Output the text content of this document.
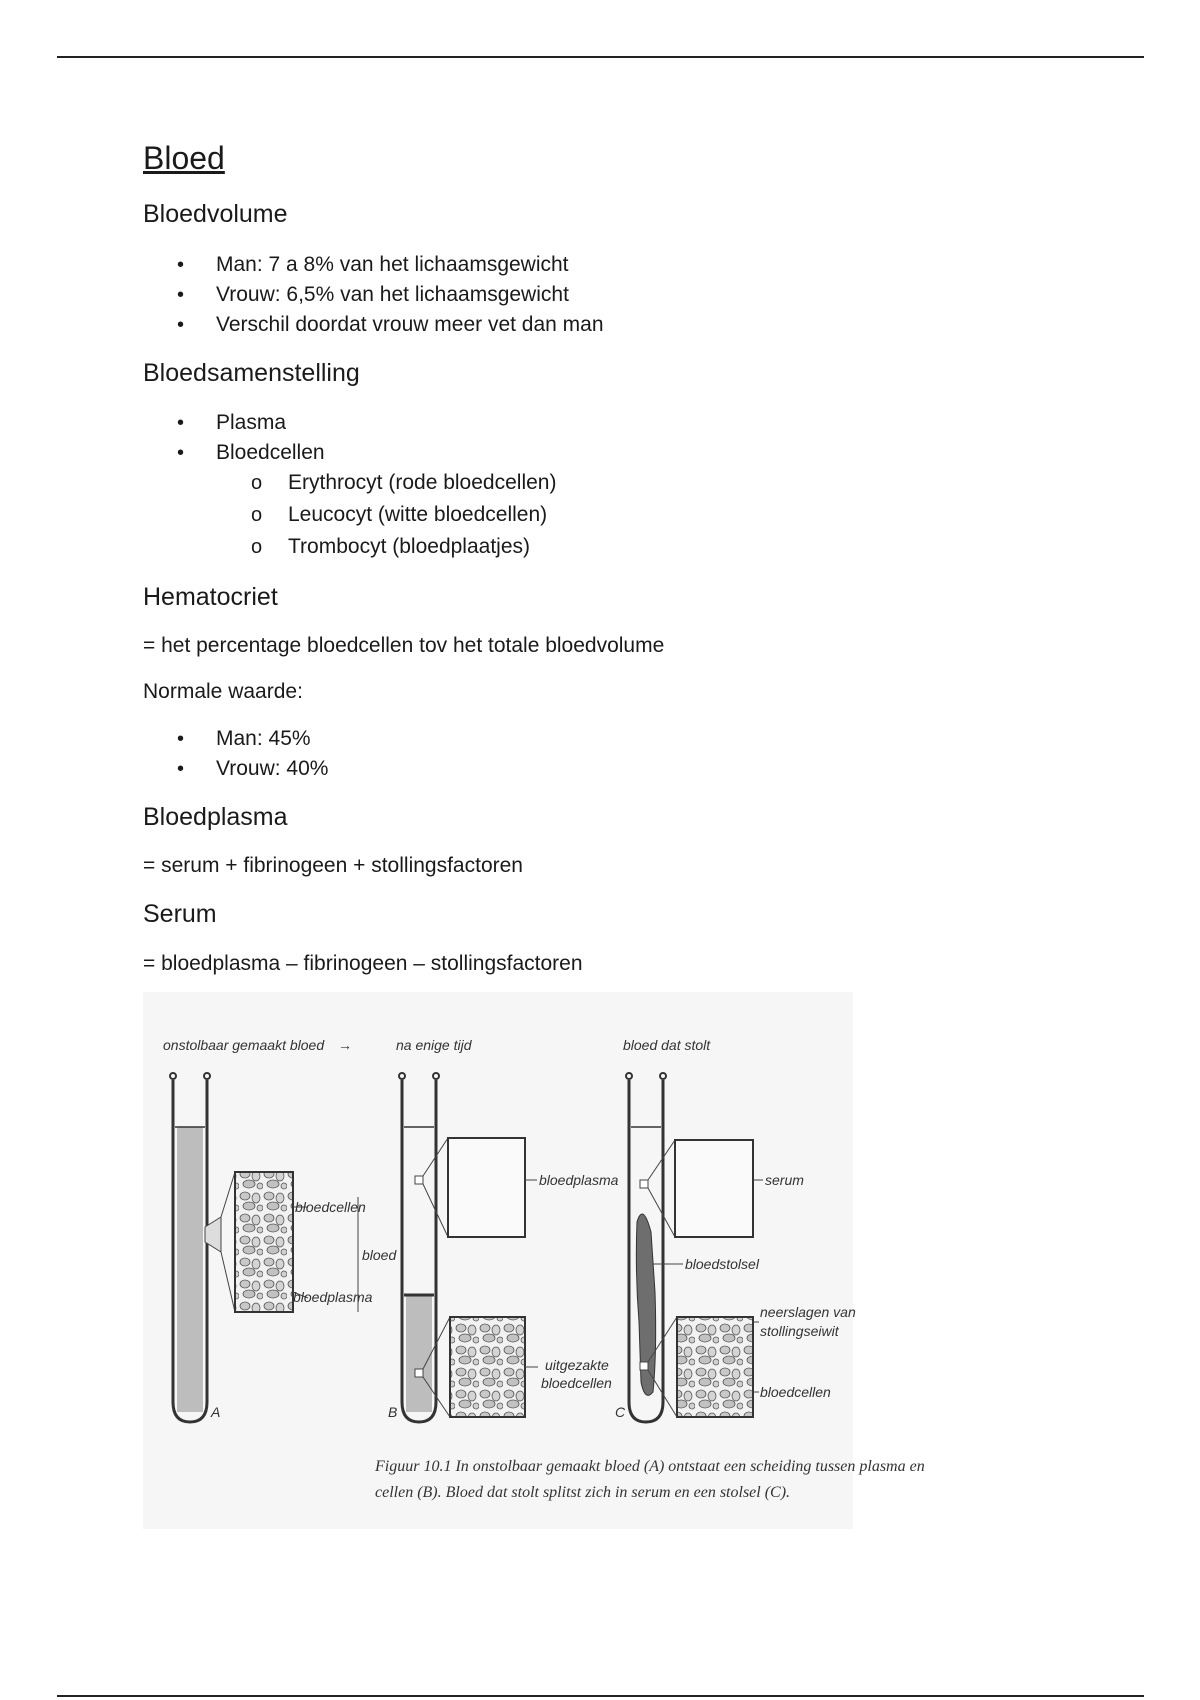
Bloed
Bloedvolume
• Man: 7 a 8% van het lichaamsgewicht
• Vrouw: 6,5% van het lichaamsgewicht
• Verschil doordat vrouw meer vet dan man
Bloedsamenstelling
• Plasma
• Bloedcellen
o Erythrocyt (rode bloedcellen)
o Leucocyt (witte bloedcellen)
o Trombocyt (bloedplaatjes)
Hematocriet

= het percentage bloedcellen tov het totale bloedvolume

Normale waarde:

• Man: 45%
• Vrouw: 40%
Bloedplasma

= serum + fibrinogeen + stollingsfactoren

Serum

= bloedplasma – fibrinogeen – stollingsfactoren

onstolbaar gemaakt bloed →	na enige tijd	bloed dat stolt
bloedcellen
bloedplasma
bloed
A
bloedplasma
uitgezakte
bloedcellen
B
serum
bloedstolsel
neerslagen van
stollingseiwit
bloedcellen
C
Figuur 10.1 In onstolbaar gemaakt bloed (A) ontstaat een scheiding tussen plasma en
cellen (B). Bloed dat stolt splitst zich in serum en een stolsel (C).
